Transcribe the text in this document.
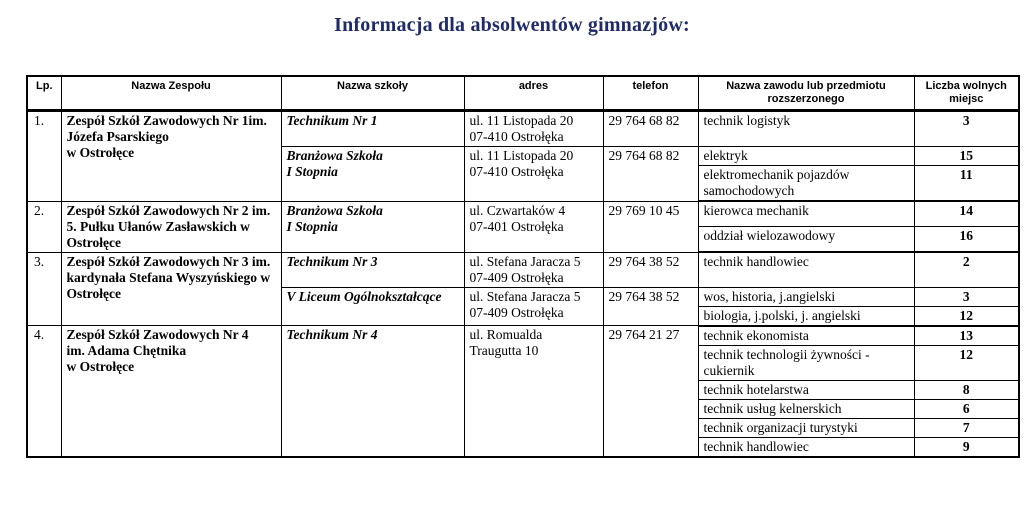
Informacja dla absolwentów gimnazjów:
Lp.	Nazwa Zespołu	Nazwa szkoły	adres	telefon	Nazwa zawodu lub przedmiotu rozszerzonego	Liczba wolnych miejsc
1.	Zespół Szkół Zawodowych Nr 1im. Józefa Psarskiego
w Ostrołęce	Technikum Nr 1	ul. 11 Listopada 20
07-410 Ostrołęka	29 764 68 82	technik logistyk	3
		Branżowa Szkoła
I Stopnia	ul. 11 Listopada 20
07-410 Ostrołęka	29 764 68 82	elektryk	15
					elektromechanik pojazdów samochodowych	11
2.	Zespół Szkół Zawodowych Nr 2 im. 5. Pułku Ułanów Zasławskich w Ostrołęce	Branżowa Szkoła
I Stopnia	ul. Czwartaków 4
07-401 Ostrołęka	29 769 10 45	kierowca mechanik	14
					oddział wielozawodowy	16
3.	Zespół Szkół Zawodowych Nr 3 im. kardynała Stefana Wyszyńskiego w Ostrołęce	Technikum Nr 3	ul. Stefana Jaracza 5
07-409 Ostrołęka	29 764 38 52	technik handlowiec	2
		V Liceum Ogólnokształcące	ul. Stefana Jaracza 5
07-409 Ostrołęka	29 764 38 52	wos, historia, j.angielski	3
					biologia, j.polski, j. angielski	12
4.	Zespół Szkół Zawodowych Nr 4
im. Adama Chętnika
w Ostrołęce	Technikum Nr 4	ul. Romualda
Traugutta 10	29 764 21 27	technik ekonomista	13
					technik technologii żywności - cukiernik	12
					technik hotelarstwa	8
					technik usług kelnerskich	6
					technik organizacji turystyki	7
					technik handlowiec	9
